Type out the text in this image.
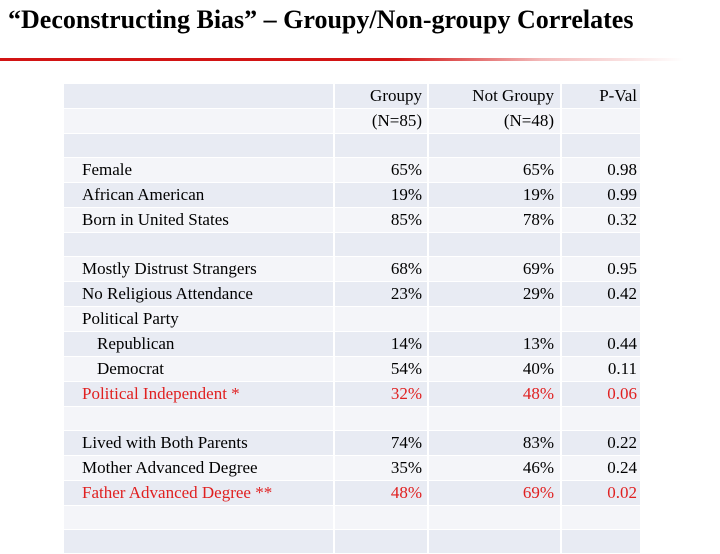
“Deconstructing Bias” – Groupy/Non-groupy Correlates
	Groupy	Not Groupy	P-Val
	(N=85)	(N=48)	

Female	65%	65%	0.98
African American	19%	19%	0.99
Born in United States	85%	78%	0.32

Mostly Distrust Strangers	68%	69%	0.95
No Religious Attendance	23%	29%	0.42
Political Party			
Republican	14%	13%	0.44
Democrat	54%	40%	0.11
Political Independent *	32%	48%	0.06

Lived with Both Parents	74%	83%	0.22
Mother Advanced Degree	35%	46%	0.24
Father Advanced Degree **	48%	69%	0.02
